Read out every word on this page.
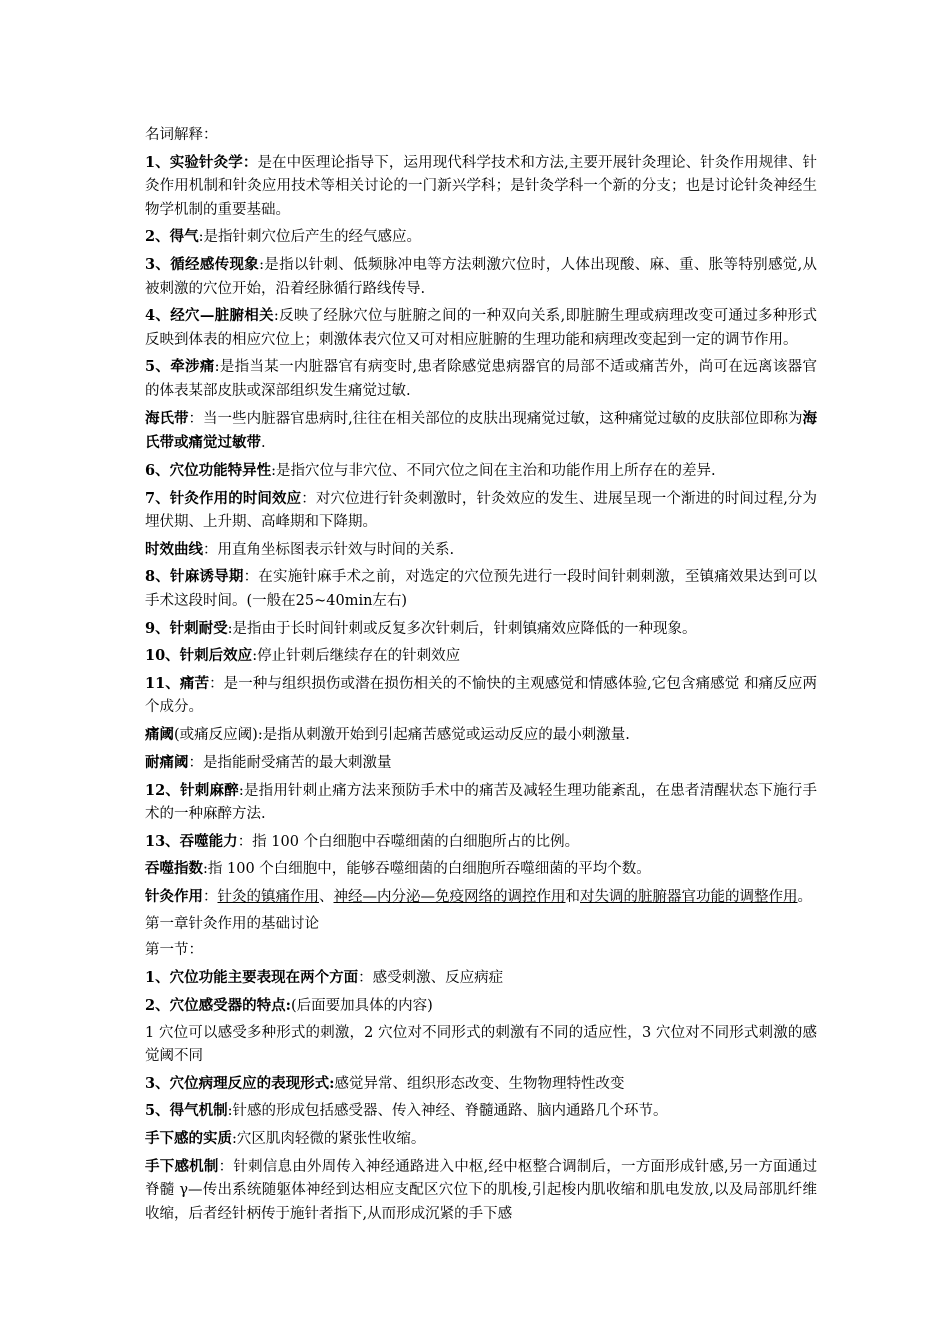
名词解释：

1、实验针灸学：是在中医理论指导下，运用现代科学技术和方法,主要开展针灸理论、针灸作用规律、针灸作用机制和针灸应用技术等相关讨论的一门新兴学科；是针灸学科一个新的分支；也是讨论针灸神经生物学机制的重要基础。

2、得气:是指针刺穴位后产生的经气感应。

3、循经感传现象:是指以针刺、低频脉冲电等方法刺激穴位时，人体出现酸、麻、重、胀等特别感觉,从被刺激的穴位开始，沿着经脉循行路线传导.

4、经穴—脏腑相关:反映了经脉穴位与脏腑之间的一种双向关系,即脏腑生理或病理改变可通过多种形式反映到体表的相应穴位上；刺激体表穴位又可对相应脏腑的生理功能和病理改变起到一定的调节作用。

5、牵涉痛:是指当某一内脏器官有病变时,患者除感觉患病器官的局部不适或痛苦外，尚可在远离该器官的体表某部皮肤或深部组织发生痛觉过敏.

海氏带：当一些内脏器官患病时,往往在相关部位的皮肤出现痛觉过敏，这种痛觉过敏的皮肤部位即称为海氏带或痛觉过敏带.

6、穴位功能特异性:是指穴位与非穴位、不同穴位之间在主治和功能作用上所存在的差异.

7、针灸作用的时间效应：对穴位进行针灸刺激时，针灸效应的发生、进展呈现一个渐进的时间过程,分为埋伏期、上升期、高峰期和下降期。

时效曲线：用直角坐标图表示针效与时间的关系.

8、针麻诱导期：在实施针麻手术之前，对选定的穴位预先进行一段时间针刺刺激，至镇痛效果达到可以手术这段时间。(一般在25~40min左右)

9、针刺耐受:是指由于长时间针刺或反复多次针刺后，针刺镇痛效应降低的一种现象。

10、针刺后效应:停止针刺后继续存在的针刺效应

11、痛苦：是一种与组织损伤或潜在损伤相关的不愉快的主观感觉和情感体验,它包含痛感觉 和痛反应两个成分。

痛阈(或痛反应阈):是指从刺激开始到引起痛苦感觉或运动反应的最小刺激量.

耐痛阈：是指能耐受痛苦的最大刺激量

12、针刺麻醉:是指用针刺止痛方法来预防手术中的痛苦及减轻生理功能紊乱，在患者清醒状态下施行手术的一种麻醉方法.

13、吞噬能力：指 100 个白细胞中吞噬细菌的白细胞所占的比例。

吞噬指数:指 100 个白细胞中，能够吞噬细菌的白细胞所吞噬细菌的平均个数。

针灸作用：针灸的镇痛作用、神经—内分泌—免疫网络的调控作用和对失调的脏腑器官功能的调整作用。

第一章针灸作用的基础讨论

第一节：

1、穴位功能主要表现在两个方面：感受刺激、反应病症

2、穴位感受器的特点:(后面要加具体的内容)

1 穴位可以感受多种形式的刺激，2 穴位对不同形式的刺激有不同的适应性，3 穴位对不同形式刺激的感觉阈不同

3、穴位病理反应的表现形式:感觉异常、组织形态改变、生物物理特性改变

5、得气机制:针感的形成包括感受器、传入神经、脊髓通路、脑内通路几个环节。

手下感的实质:穴区肌肉轻微的紧张性收缩。

手下感机制：针刺信息由外周传入神经通路进入中枢,经中枢整合调制后，一方面形成针感,另一方面通过脊髓 γ—传出系统随躯体神经到达相应支配区穴位下的肌梭,引起梭内肌收缩和肌电发放,以及局部肌纤维收缩，后者经针柄传于施针者指下,从而形成沉紧的手下感
